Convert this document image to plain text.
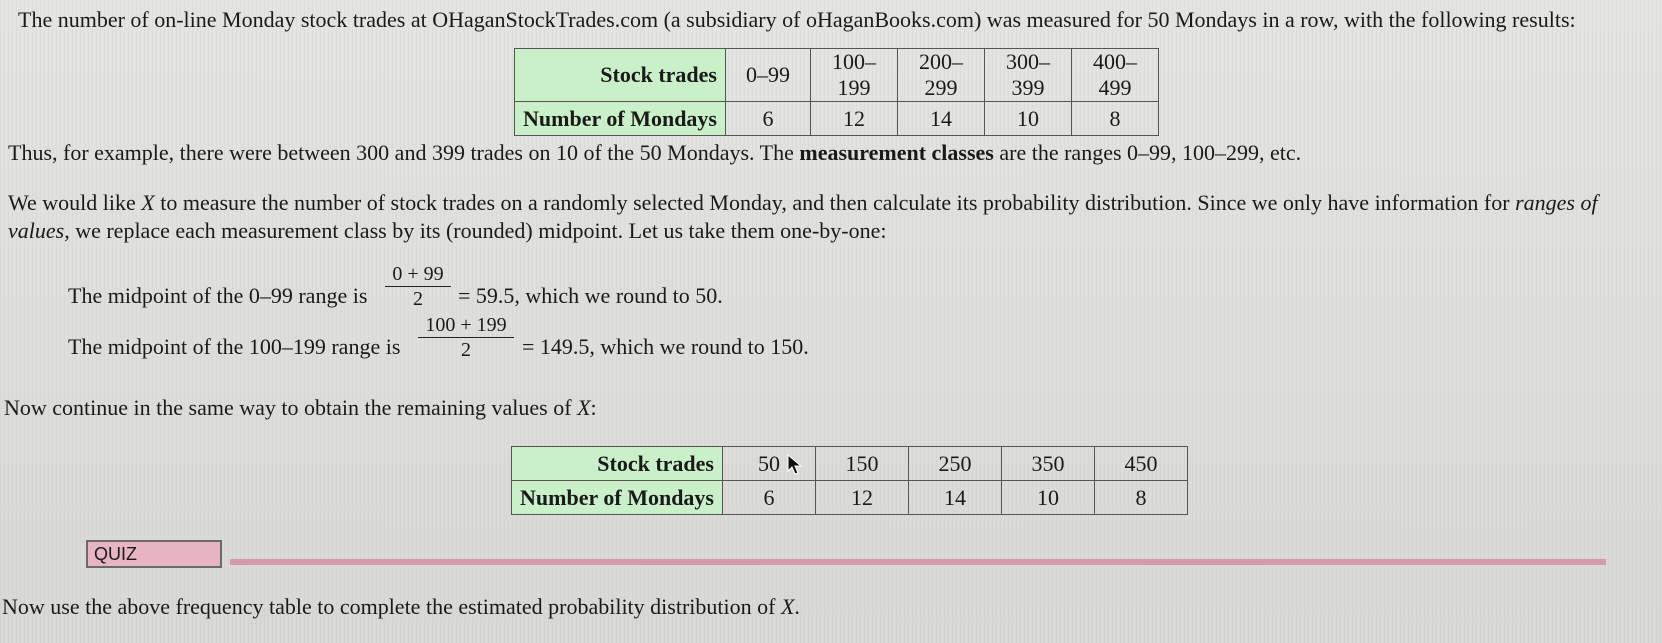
The number of on-line Monday stock trades at OHaganStockTrades.com (a subsidiary of oHaganBooks.com) was measured for 50 Mondays in a row, with the following results:
Stock trades	0–99	100–199	200–299	300–399	400–499
Number of Mondays	6	12	14	10	8
Thus, for example, there were between 300 and 399 trades on 10 of the 50 Mondays. The measurement classes are the ranges 0–99, 100–299, etc.
We would like X to measure the number of stock trades on a randomly selected Monday, and then calculate its probability distribution. Since we only have information for ranges of
values, we replace each measurement class by its (rounded) midpoint. Let us take them one-by-one:
The midpoint of the 0–99 range is $\frac{0 + 99}{2} = 59.5$, which we round to 50.
The midpoint of the 100–199 range is $\frac{100 + 199}{2} = 149.5$, which we round to 150.
Now continue in the same way to obtain the remaining values of X:
Stock trades	50	150	250	350	450
Number of Mondays	6	12	14	10	8
QUIZ
Now use the above frequency table to complete the estimated probability distribution of X.
